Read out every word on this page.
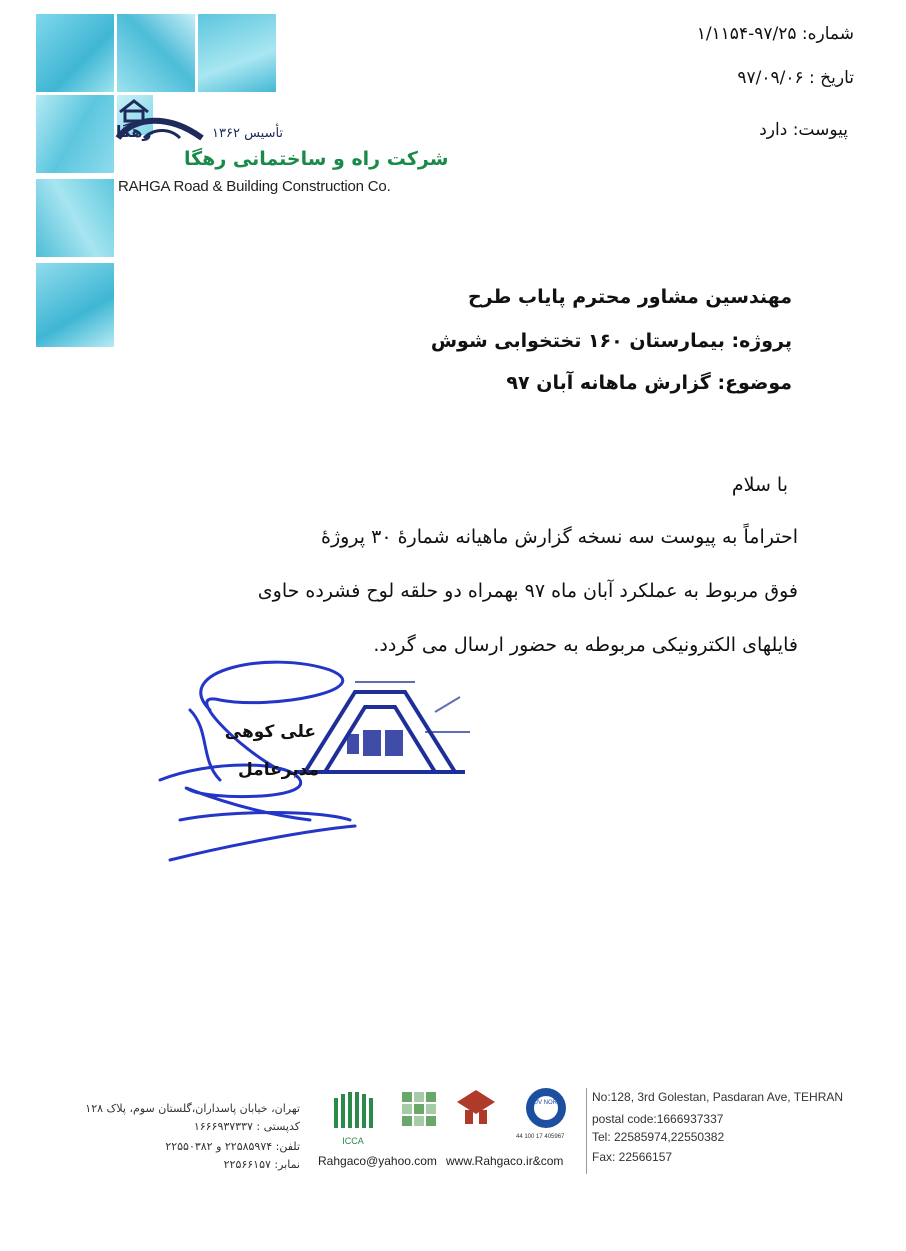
شماره: ۹۷/۲۵-۱/۱۱۵۴
تاریخ : ۹۷/۰۹/۰۶
پیوست: دارد
رهگا	تأسیس ۱۳۶۲
شرکت راه و ساختمانی رهگا
RAHGA Road & Building Construction Co.
مهندسین مشاور محترم پایاب طرح
پروژه: بیمارستان ۱۶۰ تختخوابی شوش
موضوع: گزارش ماهانه آبان ۹۷
با سلام
احتراماً به پیوست سه نسخه گزارش ماهیانه شمارهٔ ۳۰ پروژهٔ
فوق مربوط به عملکرد آبان ماه ۹۷ بهمراه دو حلقه لوح فشرده حاوی
فایلهای الکترونیکی مربوطه به حضور ارسال می گردد.
علی کوهی
مدیرعامل
تهران، خیابان پاسداران،گلستان سوم، پلاک ۱۲۸
کدپستی : ۱۶۶۶۹۳۷۳۳۷
تلفن: ۲۲۵۸۵۹۷۴ و ۲۲۵۵۰۳۸۲
نمابر: ۲۲۵۶۶۱۵۷
ICCA
TUV NORD
44 100 17 405967
No:128, 3rd Golestan, Pasdaran Ave, TEHRAN
postal code:1666937337
Tel: 22585974,22550382
Fax: 22566157
Rahgaco@yahoo.com www.Rahgaco.ir&com
